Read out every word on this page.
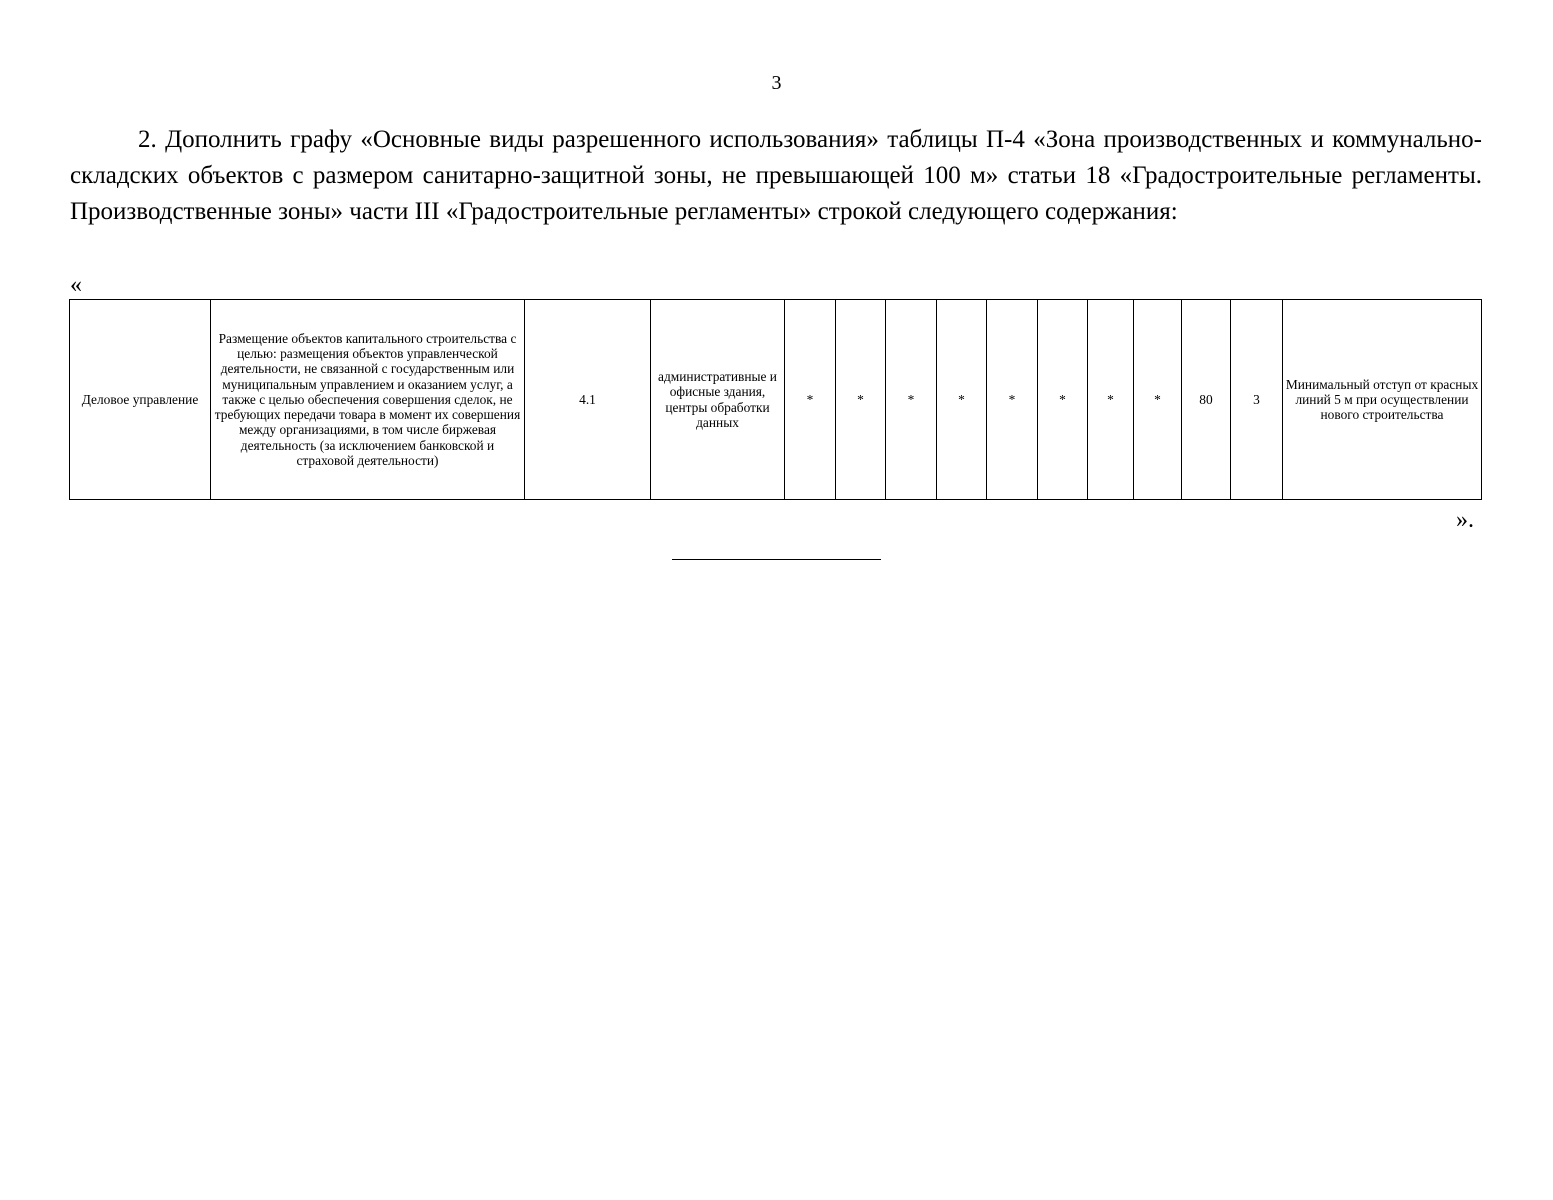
3

2. Дополнить графу «Основные виды разрешенного использования» таблицы П-4 «Зона производственных и коммунально-складских объектов с размером санитарно-защитной зоны, не превышающей 100 м» статьи 18 «Градостроительные регламенты. Производственные зоны» части III «Градостроительные регламенты» строкой следующего содержания:

«
Деловое управление	Размещение объектов капитального строительства с целью: размещения объектов управленческой деятельности, не связанной с государственным или муниципальным управлением и оказанием услуг, а также с целью обеспечения совершения сделок, не требующих передачи товара в момент их совершения между организациями, в том числе биржевая деятельность (за исключением банковской и страховой деятельности)	4.1	административные и офисные здания, центры обработки данных	*	*	*	*	*	*	*	*	80	3	Минимальный отступ от красных линий 5 м при осуществлении нового строительства
».
